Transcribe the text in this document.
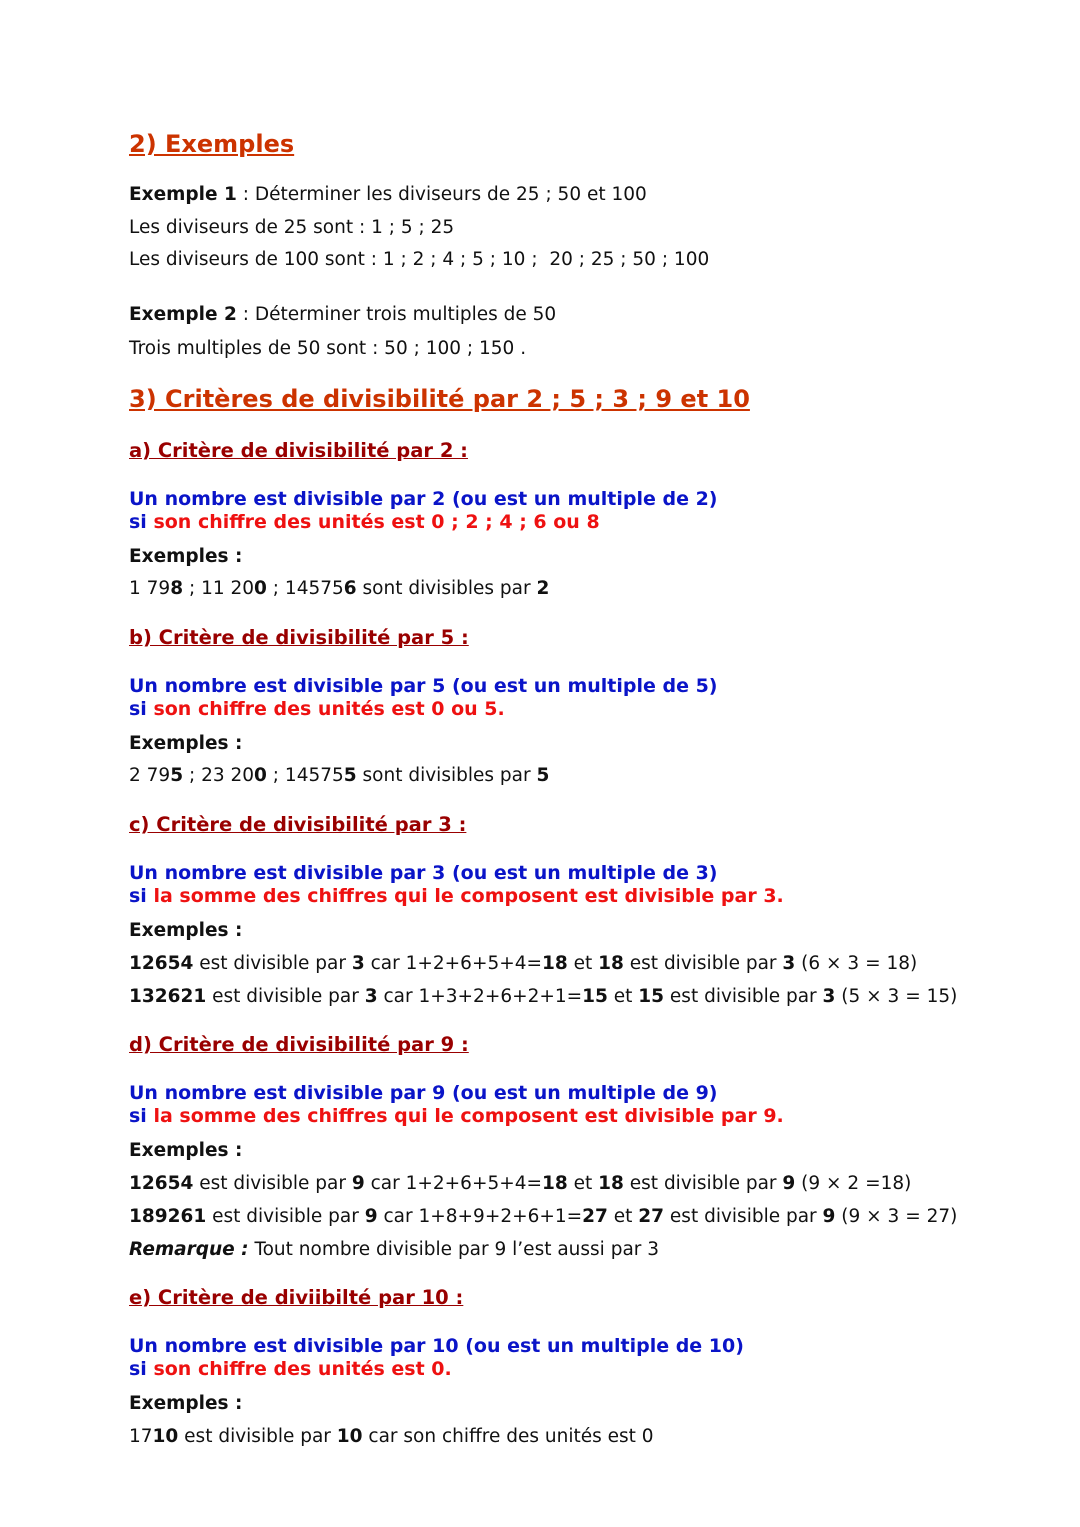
2) Exemples
Exemple 1 : Déterminer les diviseurs de 25 ; 50 et 100
Les diviseurs de 25 sont : 1 ; 5 ; 25
Les diviseurs de 100 sont : 1 ; 2 ; 4 ; 5 ; 10 ;  20 ; 25 ; 50 ; 100
Exemple 2 : Déterminer trois multiples de 50
Trois multiples de 50 sont : 50 ; 100 ; 150 .
3) Critères de divisibilité par 2 ; 5 ; 3 ; 9 et 10
a) Critère de divisibilité par 2 :
Un nombre est divisible par 2 (ou est un multiple de 2)
si son chiffre des unités est 0 ; 2 ; 4 ; 6 ou 8
Exemples :
1 798 ; 11 200 ; 145756 sont divisibles par 2
b) Critère de divisibilité par 5 :
Un nombre est divisible par 5 (ou est un multiple de 5)
si son chiffre des unités est 0 ou 5.
Exemples :
2 795 ; 23 200 ; 145755 sont divisibles par 5
c) Critère de divisibilité par 3 :
Un nombre est divisible par 3 (ou est un multiple de 3)
si la somme des chiffres qui le composent est divisible par 3.
Exemples :
12654 est divisible par 3 car 1+2+6+5+4=18 et 18 est divisible par 3 (6 × 3 = 18)
132621 est divisible par 3 car 1+3+2+6+2+1=15 et 15 est divisible par 3 (5 × 3 = 15)
d) Critère de divisibilité par 9 :
Un nombre est divisible par 9 (ou est un multiple de 9)
si la somme des chiffres qui le composent est divisible par 9.
Exemples :
12654 est divisible par 9 car 1+2+6+5+4=18 et 18 est divisible par 9 (9 × 2 =18)
189261 est divisible par 9 car 1+8+9+2+6+1=27 et 27 est divisible par 9 (9 × 3 = 27)
Remarque : Tout nombre divisible par 9 l’est aussi par 3
e) Critère de diviibilté par 10 :
Un nombre est divisible par 10 (ou est un multiple de 10)
si son chiffre des unités est 0.
Exemples :
1710 est divisible par 10 car son chiffre des unités est 0
